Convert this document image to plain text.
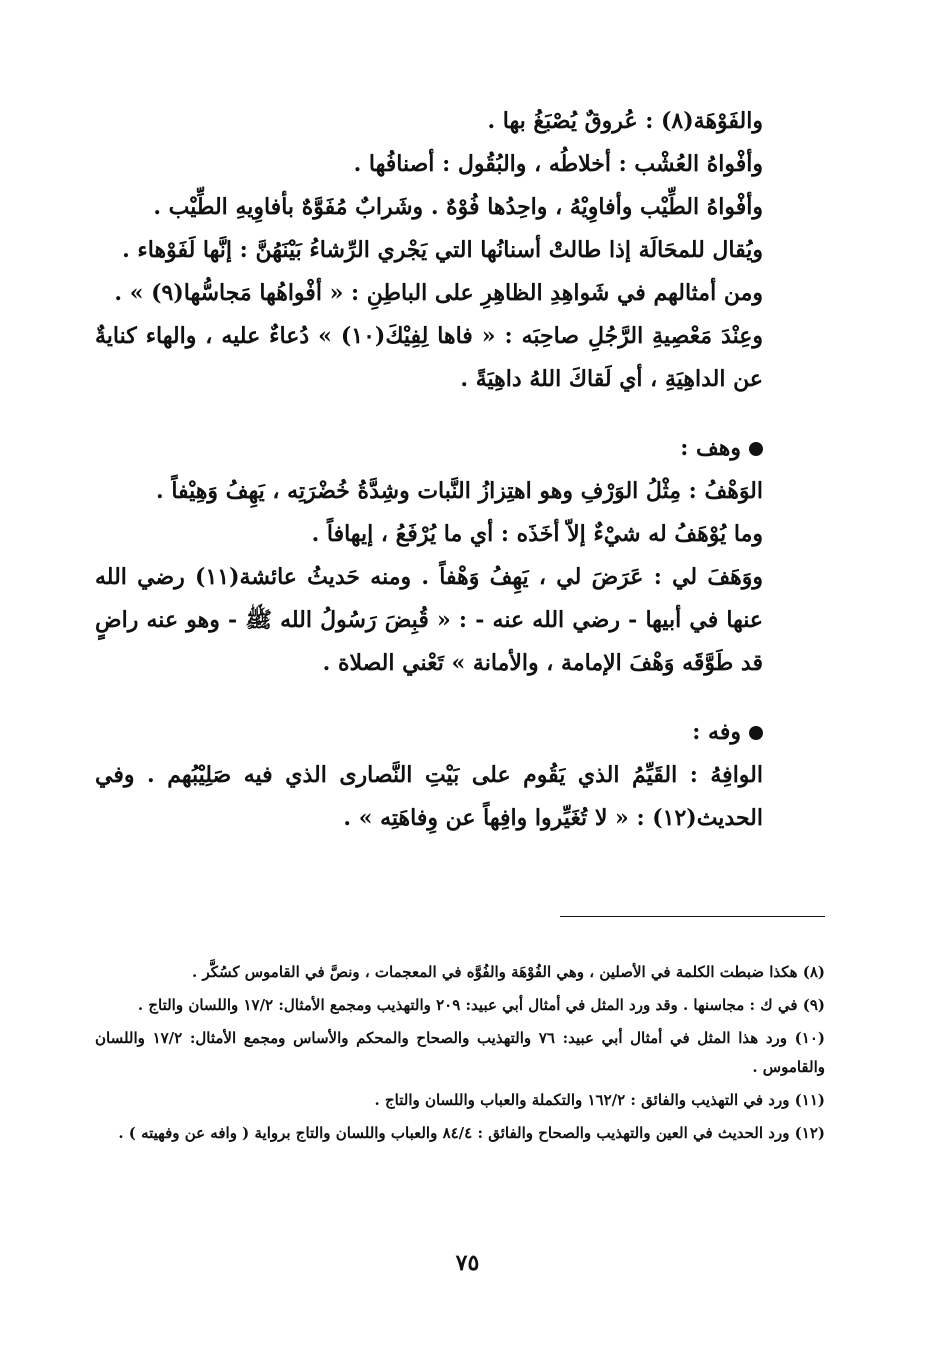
والفَوْهَة(٨) : عُروقٌ يُصْبَغُ بها .

وأفْواهُ العُشْب : أخلاطُه ، والبُقُول : أصنافُها .

وأفْواهُ الطِّيْب وأفاوِيْهُ ، واحِدُها فُوْهٌ . وشَرابٌ مُفَوَّهٌ بأفاوِيهِ الطِّيْب .

ويُقال للمحَالَة إذا طالتْ أسنانُها التي يَجْري الرِّشاءُ بَيْنَهُنَّ : إنَّها لَفَوْهاء .

ومن أمثالهم في شَواهِدِ الظاهِرِ على الباطِنِ : « أفْواهُها مَجاسُّها(٩) » .

وعِنْدَ مَعْصِيةِ الرَّجُلِ صاحِبَه : « فاها لِفِيْكَ(١٠) » دُعاءٌ عليه ، والهاء كنايةٌ عن الداهِيَةِ ، أي لَقاكَ اللهُ داهِيَةً .

وهف :

الوَهْفُ : مِثْلُ الوَرْفِ وهو اهتِزازُ النَّبات وشِدَّةُ خُضْرَتِه ، يَهِفُ وَهِيْفاً .

وما يُوْهَفُ له شيْءٌ إلاّ أخَذَه : أي ما يُرْفَعُ ، إيهافاً .

ووَهَفَ لي : عَرَضَ لي ، يَهِفُ وَهْفاً . ومنه حَديثُ عائشة(١١) رضي الله عنها في أبيها - رضي الله عنه - : « قُبِضَ رَسُولُ الله ﷺ - وهو عنه راضٍ قد طَوَّقَه وَهْفَ الإمامة ، والأمانة » تَعْني الصلاة .

وفه :

الوافِهُ : القَيِّمُ الذي يَقُوم على بَيْتِ النَّصارى الذي فيه صَلِيْبُهم . وفي الحديث(١٢) : « لا تُغَيِّروا وافِهاً عن وِفاهَتِه » .

(٨) هكذا ضبطت الكلمة في الأصلين ، وهي الفُوْهَة والفُوَّه في المعجمات ، ونصَّ في القاموس كسُكَّر .

(٩) في ك : مجاسنها . وقد ورد المثل في أمثال أبي عبيد: ٢٠٩ والتهذيب ومجمع الأمثال: ١٧/٢ واللسان والتاج .

(١٠) ورد هذا المثل في أمثال أبي عبيد: ٧٦ والتهذيب والصحاح والمحكم والأساس ومجمع الأمثال: ١٧/٢ واللسان والقاموس .

(١١) ورد في التهذيب والفائق : ١٦٢/٢ والتكملة والعباب واللسان والتاج .

(١٢) ورد الحديث في العين والتهذيب والصحاح والفائق : ٨٤/٤ والعباب واللسان والتاج برواية ( وافه عن وفهيته ) .

٧٥
